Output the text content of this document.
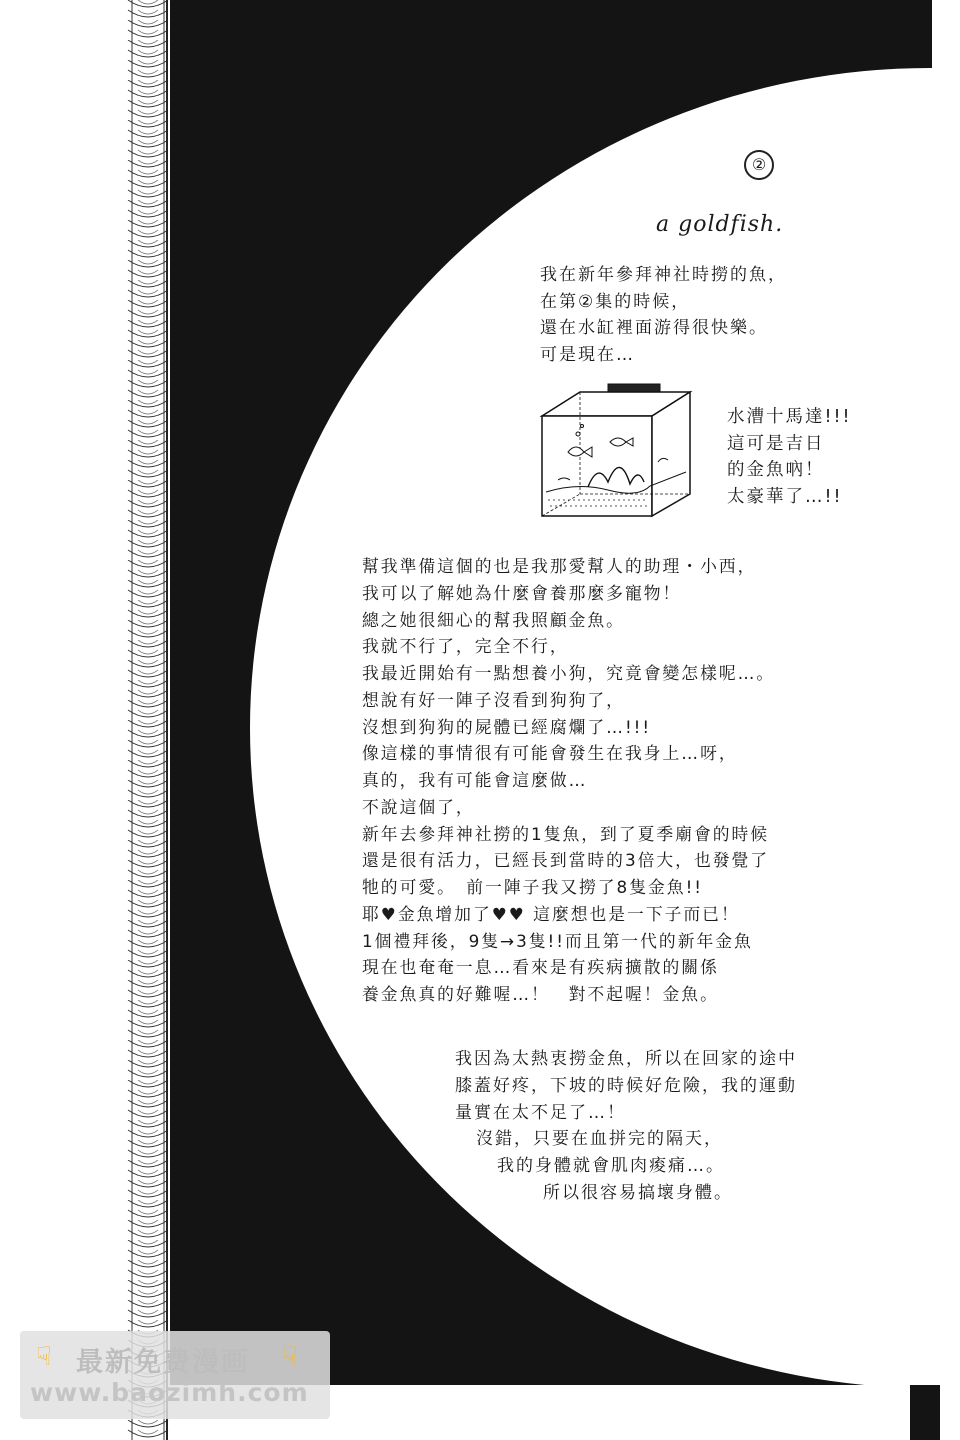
②
a goldfish.
我在新年參拜神社時撈的魚，
在第②集的時候，
還在水缸裡面游得很快樂。
可是現在…
水漕十馬達!!!
這可是吉日
的金魚吶！
太豪華了…!!
幫我準備這個的也是我那愛幫人的助理・小西，
我可以了解她為什麼會養那麼多寵物！
總之她很細心的幫我照顧金魚。
我就不行了，完全不行，
我最近開始有一點想養小狗，究竟會變怎樣呢…。
想說有好一陣子沒看到狗狗了，
沒想到狗狗的屍體已經腐爛了…!!!
像這樣的事情很有可能會發生在我身上…呀，
真的，我有可能會這麼做…
不說這個了，
新年去參拜神社撈的1隻魚，到了夏季廟會的時候
還是很有活力，已經長到當時的3倍大，也發覺了
牠的可愛。　前一陣子我又撈了8隻金魚!!
耶♥金魚增加了♥♥ 這麼想也是一下子而已！
1個禮拜後，9隻→3隻!!而且第一代的新年金魚
現在也奄奄一息…看來是有疾病擴散的關係
養金魚真的好難喔…！　對不起喔！金魚。
我因為太熱衷撈金魚，所以在回家的途中
膝蓋好疼，下坡的時候好危險，我的運動
量實在太不足了…！
沒錯，只要在血拼完的隔天，
我的身體就會肌肉痠痛…。
所以很容易搞壞身體。
☟	☟
最新免费漫画
www.baozimh.com
